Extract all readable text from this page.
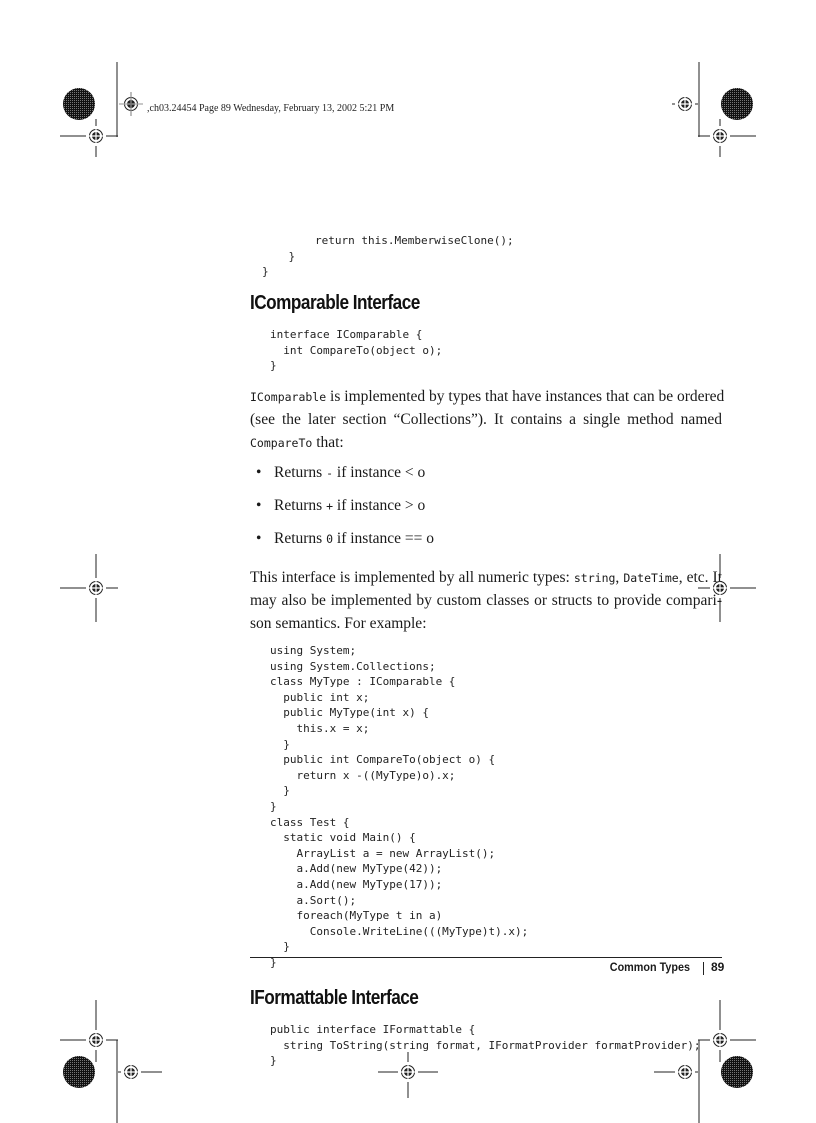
,ch03.24454 Page 89 Wednesday, February 13, 2002 5:21 PM
return this.MemberwiseClone();
}
}
IComparable Interface
interface IComparable {
int CompareTo(object o);
}
IComparable is implemented by types that have instances that can be ordered
(see the later section “Collections”). It contains a single method named
CompareTo that:
• Returns - if instance < o
• Returns + if instance > o
• Returns 0 if instance == o
This interface is implemented by all numeric types: string, DateTime, etc. It
may also be implemented by custom classes or structs to provide compari-
son semantics. For example:
using System;
using System.Collections;
class MyType : IComparable {
public int x;
public MyType(int x) {
this.x = x;
}
public int CompareTo(object o) {
return x -((MyType)o).x;
}
}
class Test {
static void Main() {
ArrayList a = new ArrayList();
a.Add(new MyType(42));
a.Add(new MyType(17));
a.Sort();
foreach(MyType t in a)
Console.WriteLine(((MyType)t).x);
}
}
IFormattable Interface
public interface IFormattable {
string ToString(string format, IFormatProvider formatProvider);
}
Common Types 89
